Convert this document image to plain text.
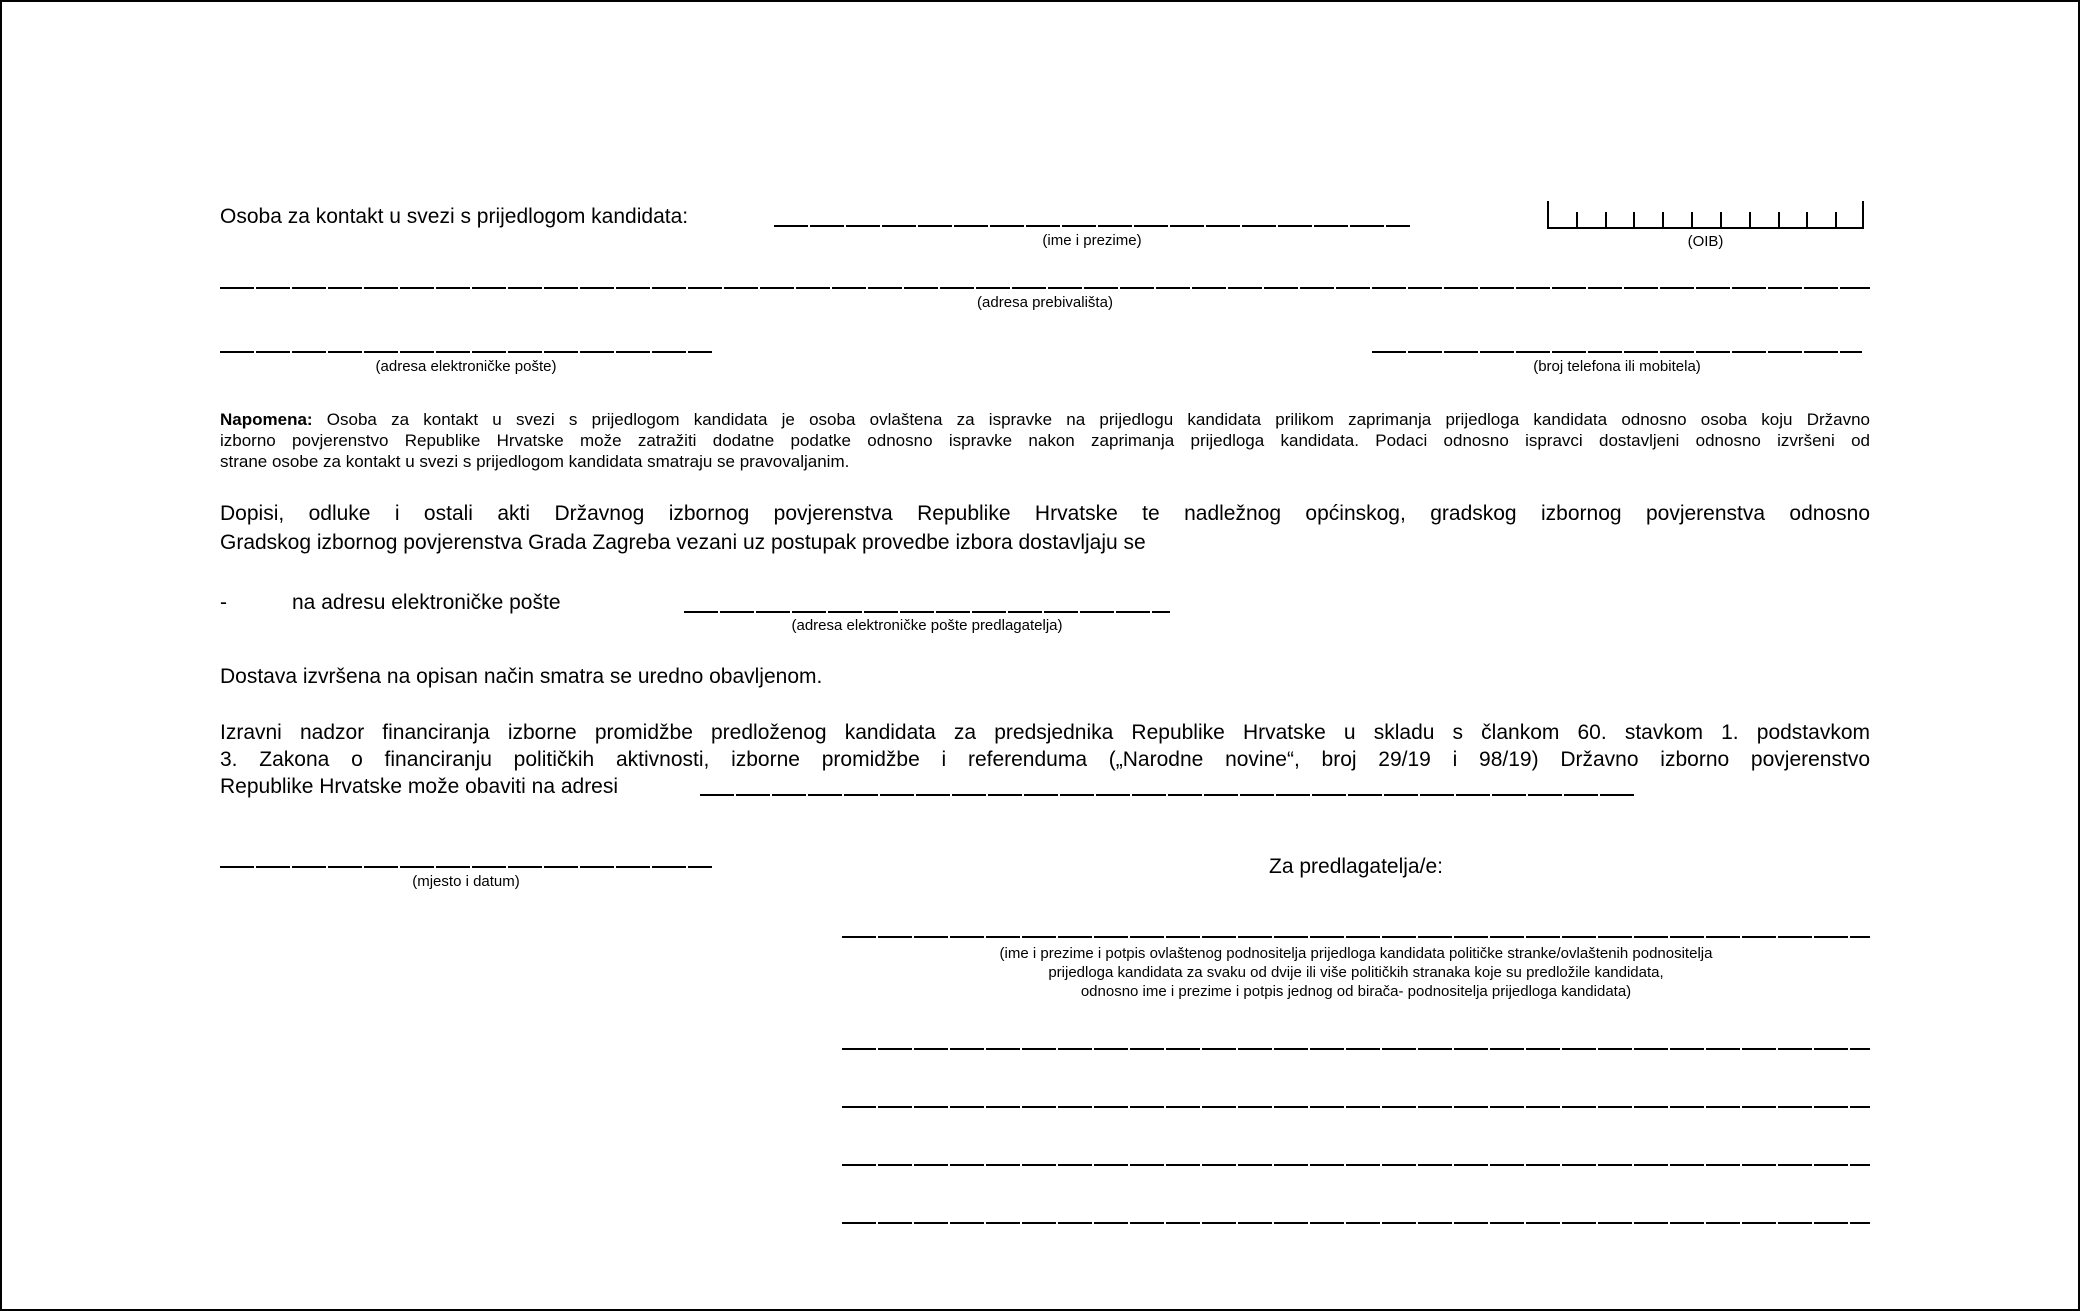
Osoba za kontakt u svezi s prijedlogom kandidata:
(ime i prezime)	(OIB)
(adresa prebivališta)
(adresa elektroničke pošte)	(broj telefona ili mobitela)
Napomena: Osoba za kontakt u svezi s prijedlogom kandidata je osoba ovlaštena za ispravke na prijedlogu kandidata prilikom zaprimanja prijedloga kandidata odnosno osoba koju Državno
izborno povjerenstvo Republike Hrvatske može zatražiti dodatne podatke odnosno ispravke nakon zaprimanja prijedloga kandidata. Podaci odnosno ispravci dostavljeni odnosno izvršeni od
strane osobe za kontakt u svezi s prijedlogom kandidata smatraju se pravovaljanim.
Dopisi, odluke i ostali akti Državnog izbornog povjerenstva Republike Hrvatske te nadležnog općinskog, gradskog izbornog povjerenstva odnosno
Gradskog izbornog povjerenstva Grada Zagreba vezani uz postupak provedbe izbora dostavljaju se
-	na adresu elektroničke pošte
(adresa elektroničke pošte predlagatelja)
Dostava izvršena na opisan način smatra se uredno obavljenom.
Izravni nadzor financiranja izborne promidžbe predloženog kandidata za predsjednika Republike Hrvatske u skladu s člankom 60. stavkom 1. podstavkom
3. Zakona o financiranju političkih aktivnosti, izborne promidžbe i referenduma („Narodne novine“, broj 29/19 i 98/19) Državno izborno povjerenstvo
Republike Hrvatske može obaviti na adresi
(mjesto i datum)
Za predlagatelja/e:
(ime i prezime i potpis ovlaštenog podnositelja prijedloga kandidata političke stranke/ovlaštenih podnositelja
prijedloga kandidata za svaku od dvije ili više političkih stranaka koje su predložile kandidata,
odnosno ime i prezime i potpis jednog od birača- podnositelja prijedloga kandidata)
